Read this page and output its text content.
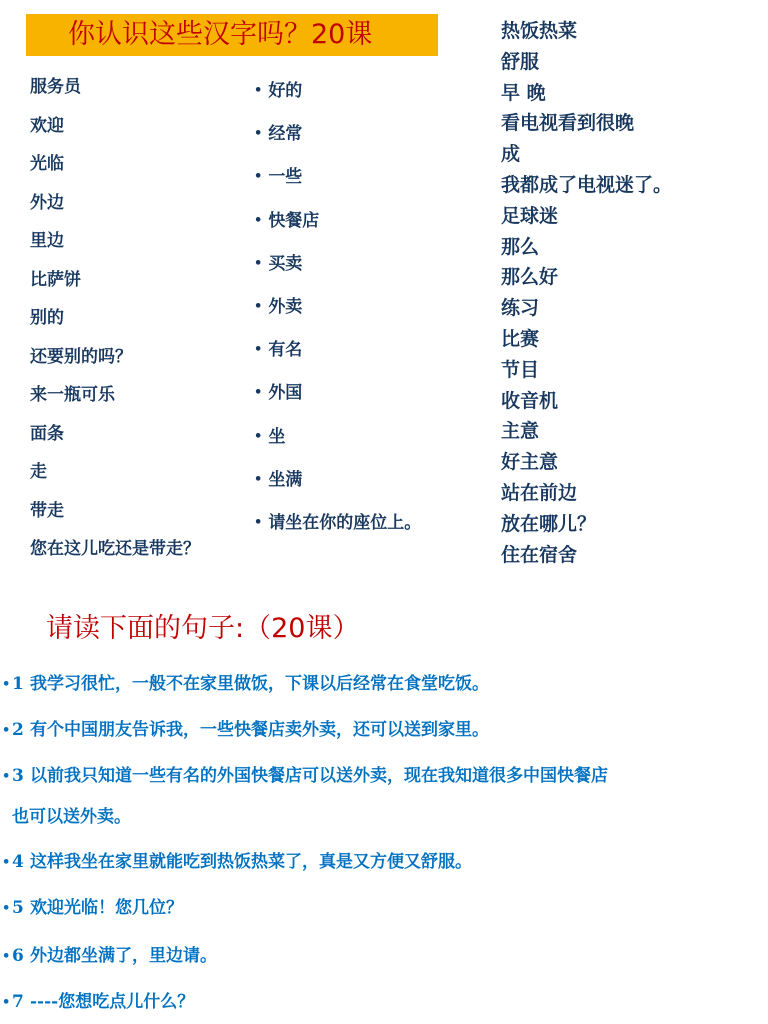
你认识这些汉字吗？20课
服务员
欢迎
光临
外边
里边
比萨饼
别的
还要别的吗？
来一瓶可乐
面条
走
带走
您在这儿吃还是带走？
• 好的
• 经常
• 一些
• 快餐店
• 买卖
• 外卖
• 有名
• 外国
• 坐
• 坐满
• 请坐在你的座位上。
热饭热菜
舒服
早 晚
看电视看到很晚
成
我都成了电视迷了。
足球迷
那么
那么好
练习
比赛
节目
收音机
主意
好主意
站在前边
放在哪儿？
住在宿舍
请读下面的句子:（20课）
• 1 我学习很忙，一般不在家里做饭，下课以后经常在食堂吃饭。
• 2 有个中国朋友告诉我，一些快餐店卖外卖，还可以送到家里。
• 3 以前我只知道一些有名的外国快餐店可以送外卖，现在我知道很多中国快餐店
也可以送外卖。
• 4 这样我坐在家里就能吃到热饭热菜了，真是又方便又舒服。
• 5 欢迎光临！您几位？
• 6 外边都坐满了，里边请。
• 7 ----您想吃点儿什么？
